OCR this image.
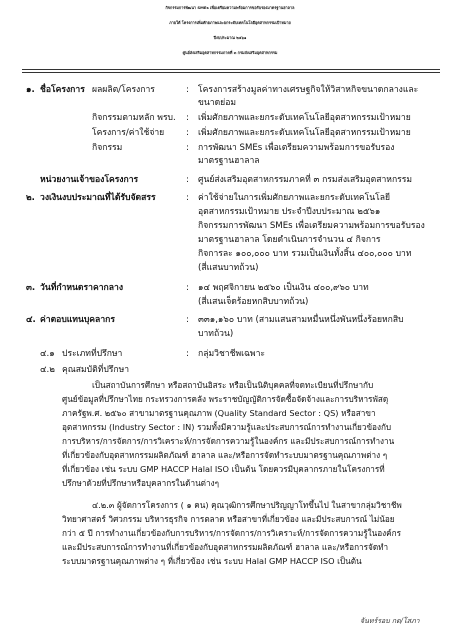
กิจกรรมการพัฒนา SMEs เพื่อเตรียมความพร้อมการขอรับรองมาตรฐานฮาลาล
ภายใต้ โครงการเพิ่มศักยภาพและยกระดับเทคโนโลยีอุตสาหกรรมเป้าหมาย
ปีงบประมาณ ๒๕๖๑
ศูนย์ส่งเสริมอุตสาหกรรมภาคที่ ๓ กรมส่งเสริมอุตสาหกรรม
๑. ชื่อโครงการ ผลผลิต/โครงการ	: โครงการสร้างมูลค่าทางเศรษฐกิจให้วิสาหกิจขนาดกลางและ
ขนาดย่อม
กิจกรรมตามหลัก พรบ. : เพิ่มศักยภาพและยกระดับเทคโนโลยีอุตสาหกรรมเป้าหมาย
โครงการ/ค่าใช้จ่าย	: เพิ่มศักยภาพและยกระดับเทคโนโลยีอุตสาหกรรมเป้าหมาย
กิจกรรม	: การพัฒนา SMEs เพื่อเตรียมความพร้อมการขอรับรอง
มาตรฐานฮาลาล
หน่วยงานเจ้าของโครงการ	: ศูนย์ส่งเสริมอุตสาหกรรมภาคที่ ๓ กรมส่งเสริมอุตสาหกรรม
๒. วงเงินงบประมาณที่ได้รับจัดสรร	: ค่าใช้จ่ายในการเพิ่มศักยภาพและยกระดับเทคโนโลยี
อุตสาหกรรมเป้าหมาย ประจำปีงบประมาณ ๒๕๖๑
กิจกรรมการพัฒนา SMEs เพื่อเตรียมความพร้อมการขอรับรอง
มาตรฐานฮาลาล โดยดำเนินการจำนวน ๔ กิจการ
กิจการละ ๑๐๐,๐๐๐ บาท รวมเป็นเงินทั้งสิ้น ๔๐๐,๐๐๐ บาท
(สี่แสนบาทถ้วน)
๓. วันที่กำหนดราคากลาง	: ๑๔ พฤศจิกายน ๒๕๖๐ เป็นเงิน ๔๐๐,๙๖๐ บาท
(สี่แสนเจ็ดร้อยหกสิบบาทถ้วน)
๔. ค่าตอบแทนบุคลากร	: ๓๓๑,๑๖๐ บาท (สามแสนสามหมื่นหนึ่งพันหนึ่งร้อยหกสิบ
บาทถ้วน)
๔.๑ ประเภทที่ปรึกษา	: กลุ่มวิชาชีพเฉพาะ
๔.๒ คุณสมบัติที่ปรึกษา
เป็นสถาบันการศึกษา หรือสถาบันอิสระ หรือเป็นนิติบุคคลที่จดทะเบียนที่ปรึกษากับ
ศูนย์ข้อมูลที่ปรึกษาไทย กระทรวงการคลัง พระราชบัญญัติการจัดซื้อจัดจ้างและการบริหารพัสดุ
ภาครัฐพ.ศ. ๒๕๖๐ สาขามาตรฐานคุณภาพ (Quality Standard Sector : QS) หรือสาขา
อุตสาหกรรม (Industry Sector : IN) รวมทั้งมีความรู้และประสบการณ์การทำงานเกี่ยวข้องกับ
การบริหาร/การจัดการ/การวิเคราะห์/การจัดการความรู้ในองค์กร และมีประสบการณ์การทำงาน
ที่เกี่ยวข้องกับอุตสาหกรรมผลิตภัณฑ์ ฮาลาล และ/หรือการจัดทำระบบมาตรฐานคุณภาพต่าง ๆ
ที่เกี่ยวข้อง เช่น ระบบ GMP HACCP Halal ISO เป็นต้น โดยควรมีบุคลากรภายในโครงการที่
ปรึกษาด้วยที่ปรึกษาหรือบุคลากรในด้านต่างๆ
๔.๒.๓ ผู้จัดการโครงการ ( ๑ คน) คุณวุฒิการศึกษาปริญญาโทขึ้นไป ในสาขากลุ่มวิชาชีพ
วิทยาศาสตร์ วิศวกรรม บริหารธุรกิจ การตลาด หรือสาขาที่เกี่ยวข้อง และมีประสบการณ์ ไม่น้อย
กว่า ๕ ปี การทำงานเกี่ยวข้องกับการบริหาร/การจัดการ/การวิเคราะห์/การจัดการความรู้ในองค์กร
และมีประสบการณ์การทำงานที่เกี่ยวข้องกับอุตสาหกรรมผลิตภัณฑ์ ฮาลาล และ/หรือการจัดทำ
ระบบมาตรฐานคุณภาพต่าง ๆ ที่เกี่ยวข้อง เช่น ระบบ Halal GMP HACCP ISO เป็นต้น
จันทร์รอบ กด/โสภา
